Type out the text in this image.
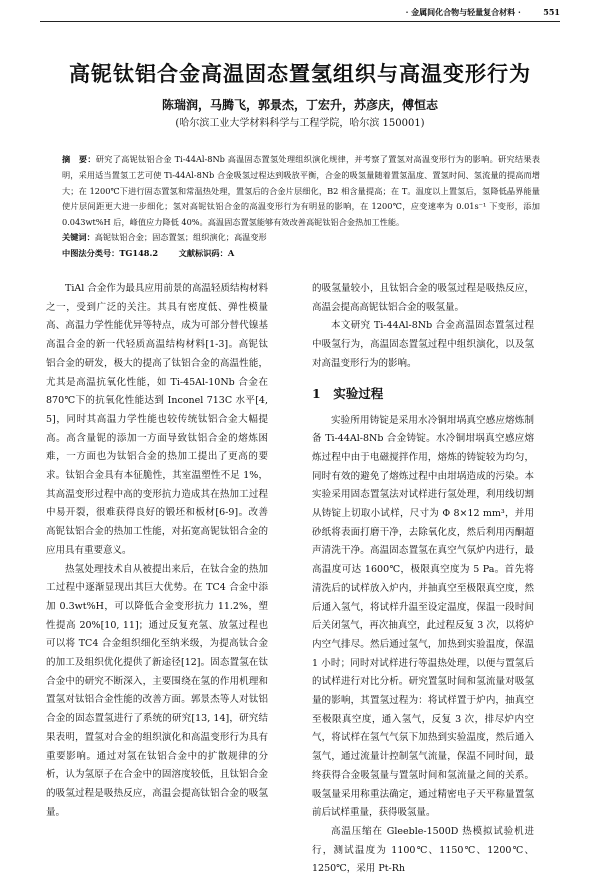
· 金属间化合物与轻量复合材料 ·	551
高铌钛铝合金高温固态置氢组织与高温变形行为
陈瑞润，马腾飞，郭景杰，丁宏升，苏彦庆，傅恒志
(哈尔滨工业大学材料科学与工程学院，哈尔滨 150001)
摘　要：研究了高铌钛铝合金 Ti-44Al-8Nb 高温固态置氢处理组织演化规律，并考察了置氢对高温变形行为的影响。研究结果表明，采用适当置氢工艺可使 Ti-44Al-8Nb 合金吸氢过程达到吸放平衡，合金的吸氢量随着置氢温度、置氢时间、氢流量的提高而增大；在 1200℃下进行固态置氢和常温热处理，置氢后的合金片层细化，B2 相含量提高；在 T。温度以上置氢后，氢降低晶界能量使片层间距更大进一步细化；氢对高铌钛铝合金的高温变形行为有明显的影响，在 1200℃，应变速率为 0.01s⁻¹ 下变形，添加 0.043wt%H 后，峰值应力降低 40%。高温固态置氢能够有效改善高铌钛铝合金热加工性能。
关键词：高铌钛铝合金；固态置氢；组织演化；高温变形
中图法分类号：TG148.2	文献标识码：A

TiAl 合金作为最具应用前景的高温轻质结构材料之一，受到广泛的关注。其具有密度低、弹性模量高、高温力学性能优异等特点，成为可部分替代镍基高温合金的新一代轻质高温结构材料[1-3]。高铌钛铝合金的研发，极大的提高了钛铝合金的高温性能，尤其是高温抗氧化性能，如 Ti-45Al-10Nb 合金在 870℃下的抗氧化性能达到 Inconel 713C 水平[4, 5]，同时其高温力学性能也较传统钛铝合金大幅提高。高含量铌的添加一方面导致钛铝合金的熔炼困难，一方面也为钛铝合金的热加工提出了更高的要求。钛铝合金具有本征脆性，其室温塑性不足 1%，其高温变形过程中高的变形抗力造成其在热加工过程中易开裂，很难获得良好的锻坯和板材[6-9]。改善高铌钛铝合金的热加工性能，对拓宽高铌钛铝合金的应用具有重要意义。

热氢处理技术自从被提出来后，在钛合金的热加工过程中逐渐显现出其巨大优势。在 TC4 合金中添加 0.3wt%H，可以降低合金变形抗力 11.2%，塑性提高 20%[10, 11]；通过反复充氢、放氢过程也可以将 TC4 合金组织细化至纳米级，为提高钛合金的加工及组织优化提供了新途径[12]。固态置氢在钛合金中的研究不断深入，主要围绕在氢的作用机理和置氢对钛铝合金性能的改善方面。郭景杰等人对钛铝合金的固态置氢进行了系统的研究[13, 14]，研究结果表明，置氢对合金的组织演化和高温变形行为具有重要影响。通过对氢在钛铝合金中的扩散规律的分析，认为氢原子在合金中的固溶度较低，且钛铝合金的吸氢过程是吸热反应，高温会提高钛铝合金的吸氢量。

的吸氢量较小，且钛铝合金的吸氢过程是吸热反应，高温会提高高铌钛铝合金的吸氢量。

本文研究 Ti-44Al-8Nb 合金高温固态置氢过程中吸氢行为，高温固态置氢过程中组织演化，以及氢对高温变形行为的影响。

1　实验过程

实验所用铸锭是采用水冷铜坩埚真空感应熔炼制备 Ti-44Al-8Nb 合金铸锭。水冷铜坩埚真空感应熔炼过程中由于电磁搅拌作用，熔炼的铸锭较为均匀，同时有效的避免了熔炼过程中由坩埚造成的污染。本实验采用固态置氢法对试样进行氢处理，利用线切割从铸锭上切取小试样，尺寸为 Φ 8×12 mm³，并用砂纸将表面打磨干净，去除氧化皮，然后利用丙酮超声清洗干净。高温固态置氢在真空气氛炉内进行，最高温度可达 1600℃，极限真空度为 5 Pa。首先将清洗后的试样放入炉内，并抽真空至极限真空度，然后通入氢气，将试样升温至设定温度，保温一段时间后关闭氢气，再次抽真空，此过程反复 3 次，以将炉内空气排尽。然后通过氢气，加热到实验温度，保温 1 小时；同时对试样进行等温热处理，以便与置氢后的试样进行对比分析。研究置氢时间和氢流量对吸氢量的影响，其置氢过程为：将试样置于炉内，抽真空至极限真空度，通入氢气，反复 3 次，排尽炉内空气，将试样在氢气气氛下加热到实验温度，然后通入氢气，通过流量计控制氢气流量，保温不同时间，最终获得合金吸氢量与置氢时间和氢流量之间的关系。吸氢量采用称重法确定，通过精密电子天平称量置氢前后试样重量，获得吸氢量。

高温压缩在 Gleeble-1500D 热模拟试验机进行，测试温度为 1100℃、1150℃、1200℃、1250℃，采用 Pt-Rh
